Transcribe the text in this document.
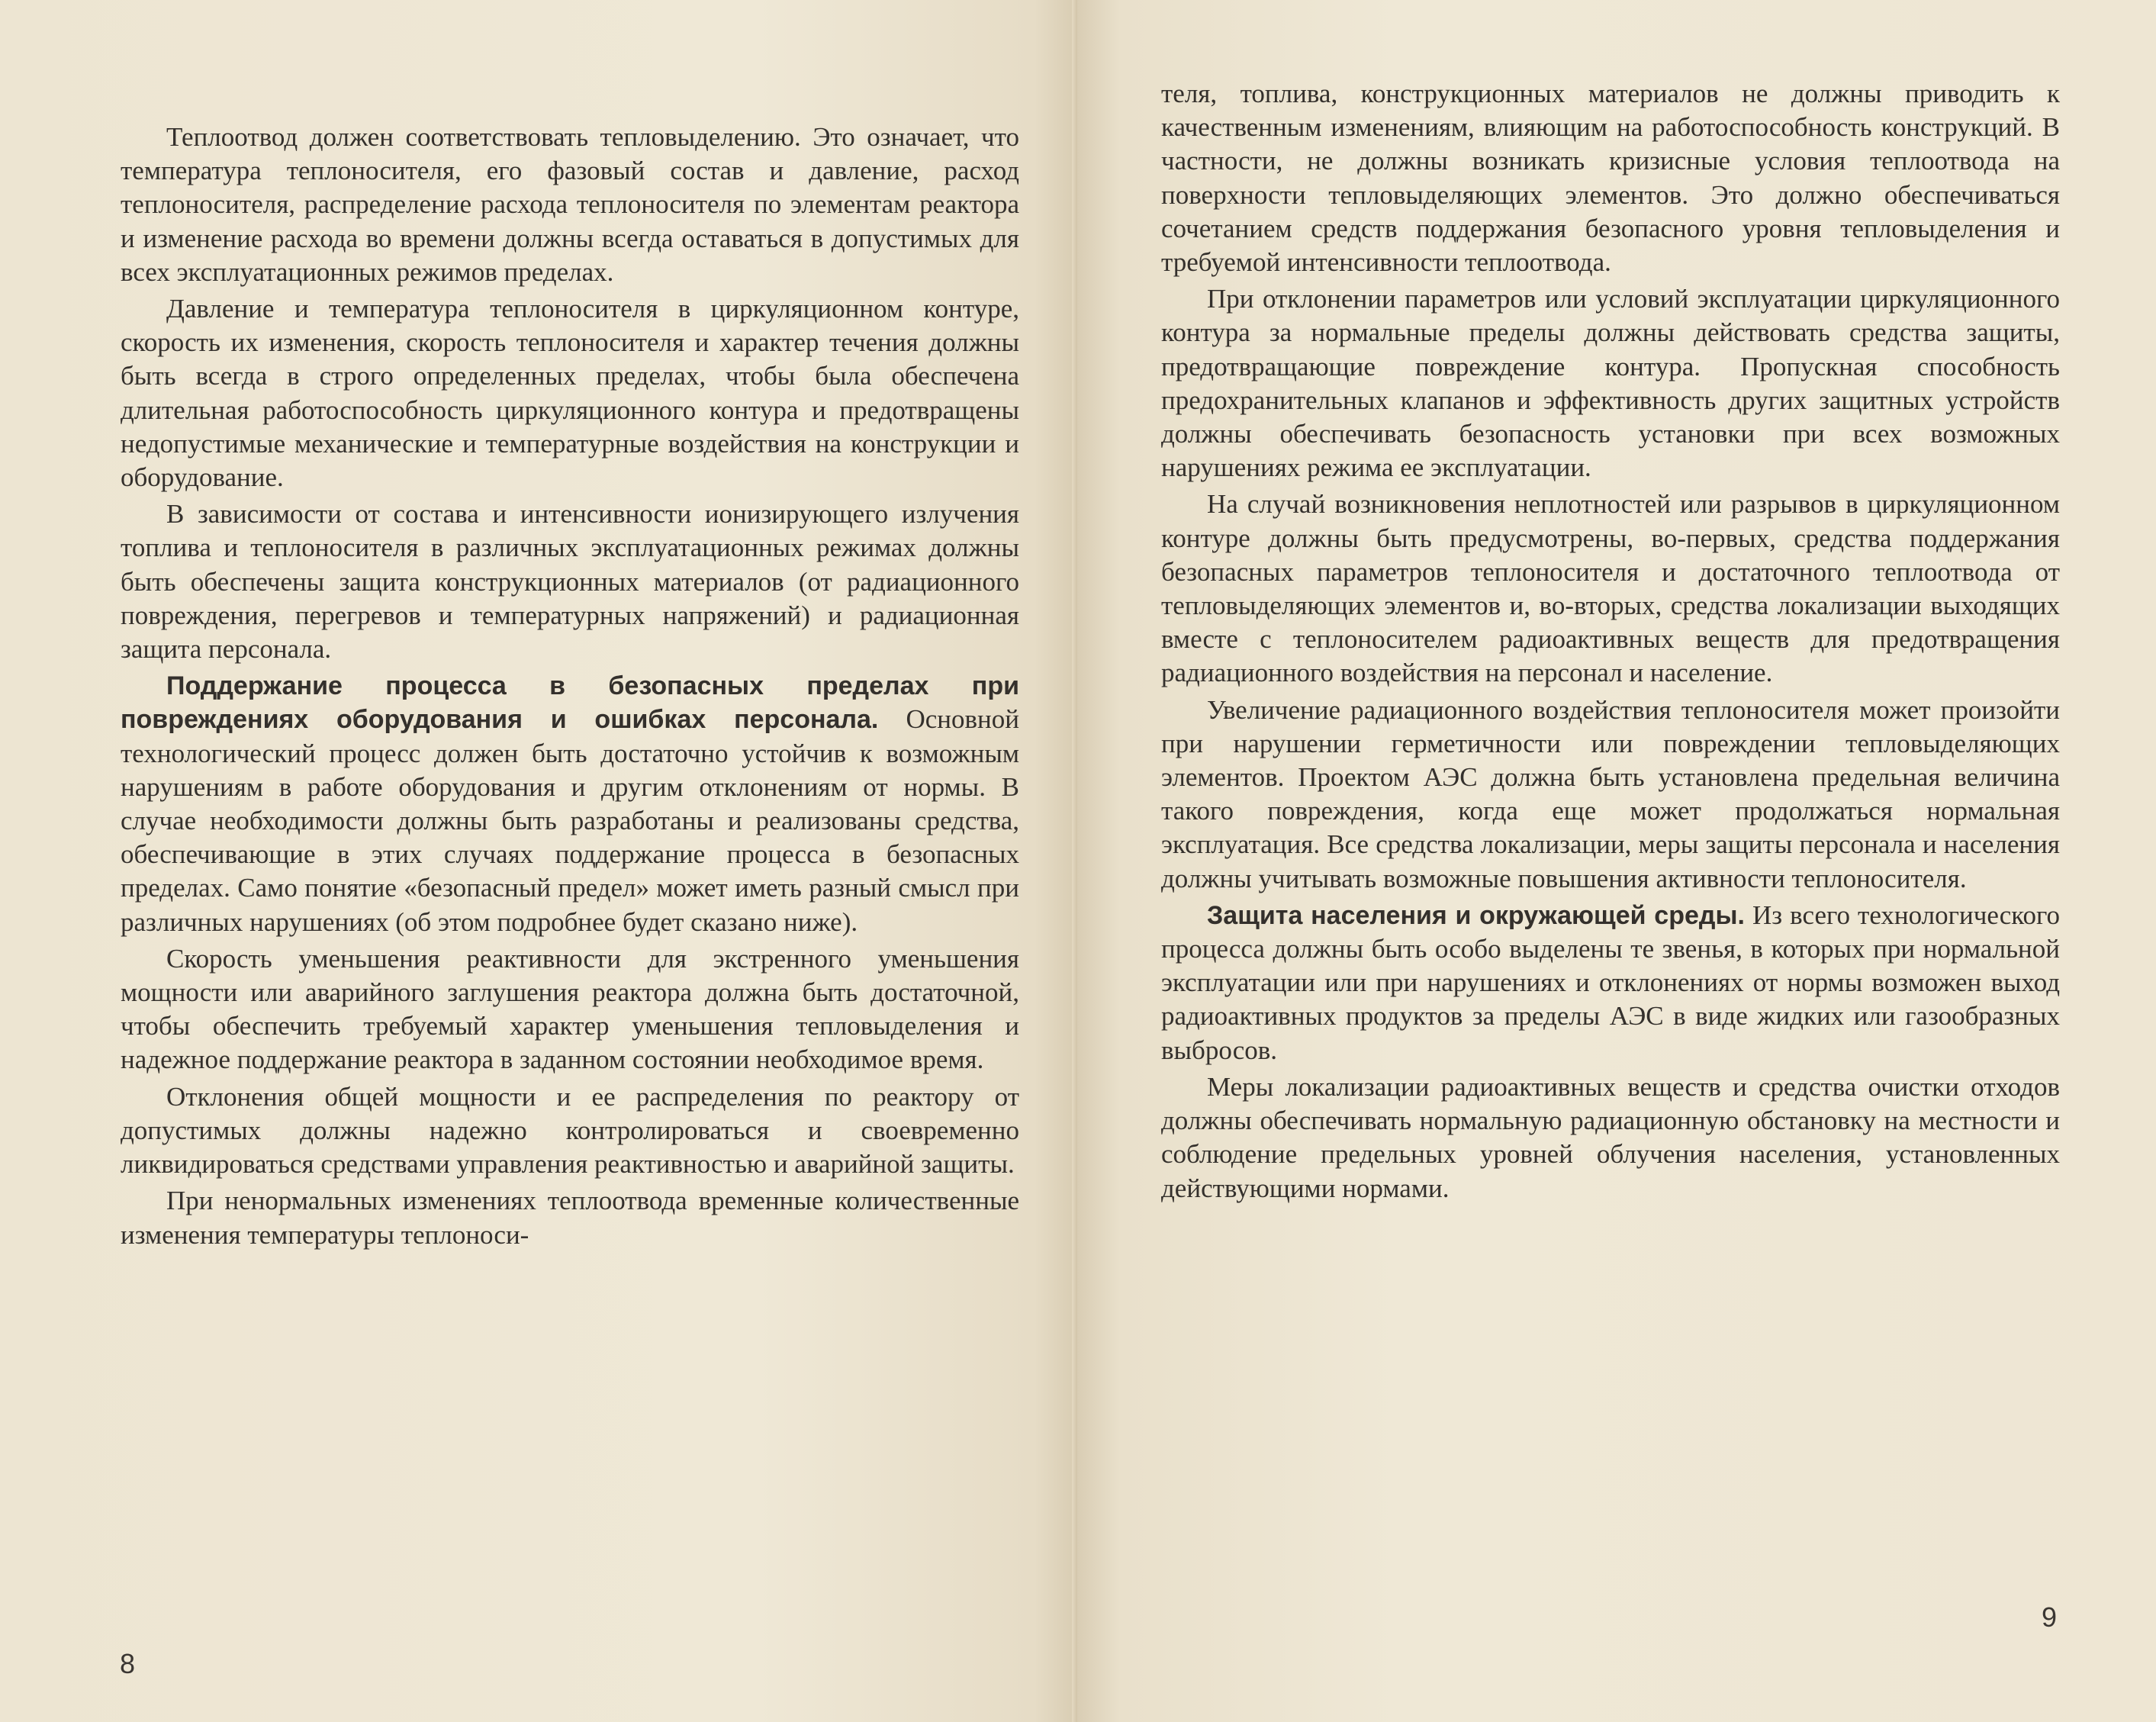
Теплоотвод должен соответствовать тепловыделению. Это означает, что температура теплоносителя, его фазовый состав и давление, расход теплоносителя, распределение расхода теплоносителя по элементам реактора и изменение расхода во времени должны всегда оставаться в допустимых для всех эксплуатационных режимов пределах.

Давление и температура теплоносителя в циркуляционном контуре, скорость их изменения, скорость теплоносителя и характер течения должны быть всегда в строго определенных пределах, чтобы была обеспечена длительная работоспособность циркуляционного контура и предотвращены недопустимые механические и температурные воздействия на конструкции и оборудование.

В зависимости от состава и интенсивности ионизирующего излучения топлива и теплоносителя в различных эксплуатационных режимах должны быть обеспечены защита конструкционных материалов (от радиационного повреждения, перегревов и температурных напряжений) и радиационная защита персонала.

Поддержание процесса в безопасных пределах при повреждениях оборудования и ошибках персонала. Основной технологический процесс должен быть достаточно устойчив к возможным нарушениям в работе оборудования и другим отклонениям от нормы. В случае необходимости должны быть разработаны и реализованы средства, обеспечивающие в этих случаях поддержание процесса в безопасных пределах. Само понятие «безопасный предел» может иметь разный смысл при различных нарушениях (об этом подробнее будет сказано ниже).

Скорость уменьшения реактивности для экстренного уменьшения мощности или аварийного заглушения реактора должна быть достаточной, чтобы обеспечить требуемый характер уменьшения тепловыделения и надежное поддержание реактора в заданном состоянии необходимое время.

Отклонения общей мощности и ее распределения по реактору от допустимых должны надежно контролироваться и своевременно ликвидироваться средствами управления реактивностью и аварийной защиты.

При ненормальных изменениях теплоотвода временные количественные изменения температуры теплоноси-

8

теля, топлива, конструкционных материалов не должны приводить к качественным изменениям, влияющим на работоспособность конструкций. В частности, не должны возникать кризисные условия теплоотвода на поверхности тепловыделяющих элементов. Это должно обеспечиваться сочетанием средств поддержания безопасного уровня тепловыделения и требуемой интенсивности теплоотвода.

При отклонении параметров или условий эксплуатации циркуляционного контура за нормальные пределы должны действовать средства защиты, предотвращающие повреждение контура. Пропускная способность предохранительных клапанов и эффективность других защитных устройств должны обеспечивать безопасность установки при всех возможных нарушениях режима ее эксплуатации.

На случай возникновения неплотностей или разрывов в циркуляционном контуре должны быть предусмотрены, во-первых, средства поддержания безопасных параметров теплоносителя и достаточного теплоотвода от тепловыделяющих элементов и, во-вторых, средства локализации выходящих вместе с теплоносителем радиоактивных веществ для предотвращения радиационного воздействия на персонал и население.

Увеличение радиационного воздействия теплоносителя может произойти при нарушении герметичности или повреждении тепловыделяющих элементов. Проектом АЭС должна быть установлена предельная величина такого повреждения, когда еще может продолжаться нормальная эксплуатация. Все средства локализации, меры защиты персонала и населения должны учитывать возможные повышения активности теплоносителя.

Защита населения и окружающей среды. Из всего технологического процесса должны быть особо выделены те звенья, в которых при нормальной эксплуатации или при нарушениях и отклонениях от нормы возможен выход радиоактивных продуктов за пределы АЭС в виде жидких или газообразных выбросов.

Меры локализации радиоактивных веществ и средства очистки отходов должны обеспечивать нормальную радиационную обстановку на местности и соблюдение предельных уровней облучения населения, установленных действующими нормами.

9
